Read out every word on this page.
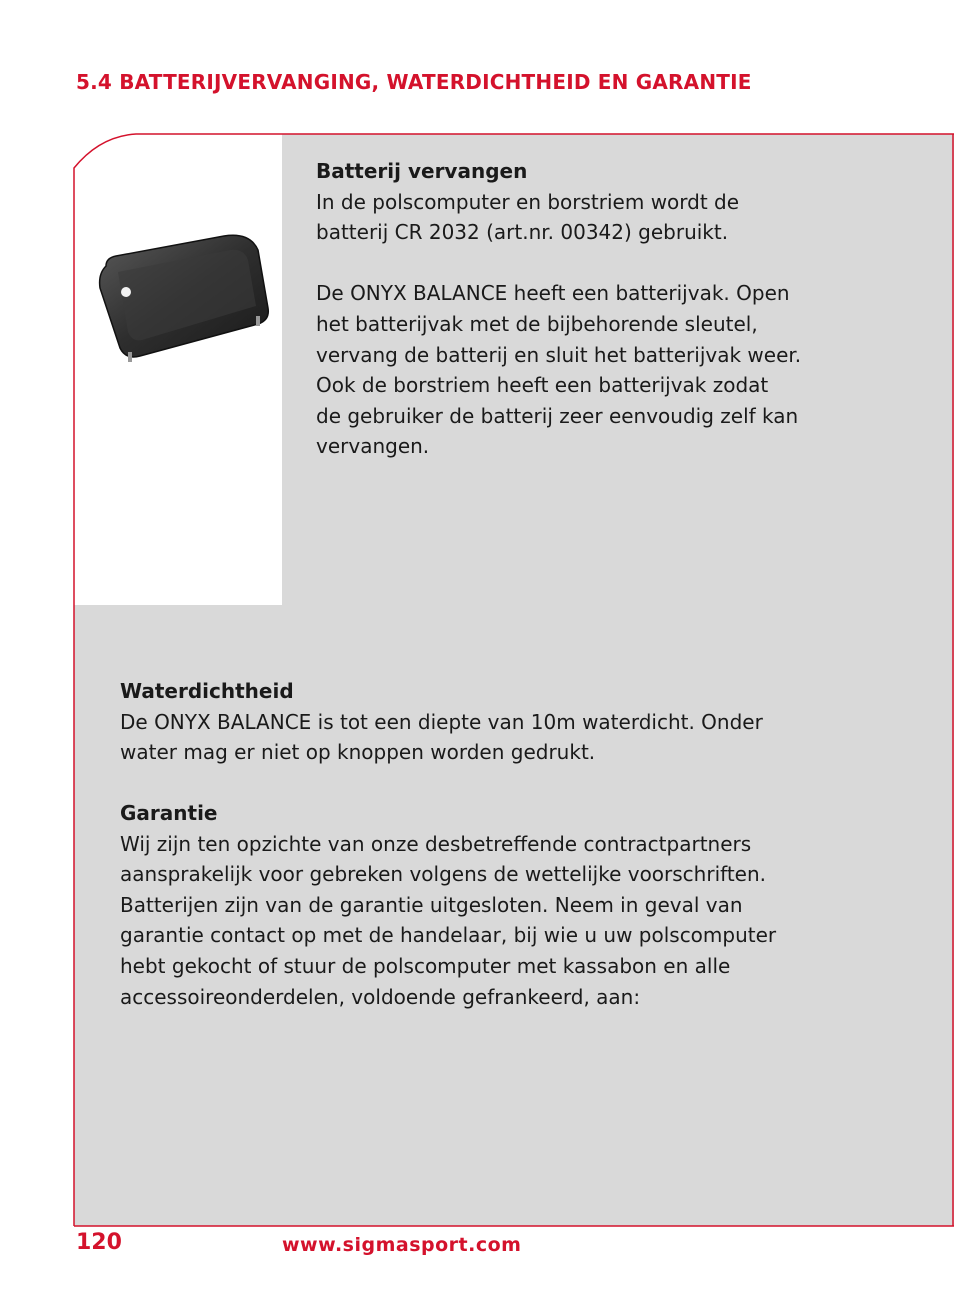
5.4 BATTERIJVERVANGING, WATERDICHTHEID EN GARANTIE
Batterij vervangen

In de polscomputer en borstriem wordt de
batterij CR 2032 (art.nr. 00342) gebruikt.

De ONYX BALANCE heeft een batterijvak. Open
het batterijvak met de bijbehorende sleutel,
vervang de batterij en sluit het batterijvak weer.
Ook de borstriem heeft een batterijvak zodat
de gebruiker de batterij zeer eenvoudig zelf kan
vervangen.

Waterdichtheid

De ONYX BALANCE is tot een diepte van 10m waterdicht. Onder
water mag er niet op knoppen worden gedrukt.

Garantie

Wij zijn ten opzichte van onze desbetreffende contractpartners
aansprakelijk voor gebreken volgens de wettelijke voorschriften.
Batterijen zijn van de garantie uitgesloten. Neem in geval van
garantie contact op met de handelaar, bij wie u uw polscomputer
hebt gekocht of stuur de polscomputer met kassabon en alle
accessoireonderdelen, voldoende gefrankeerd, aan:

120	www.sigmasport.com
